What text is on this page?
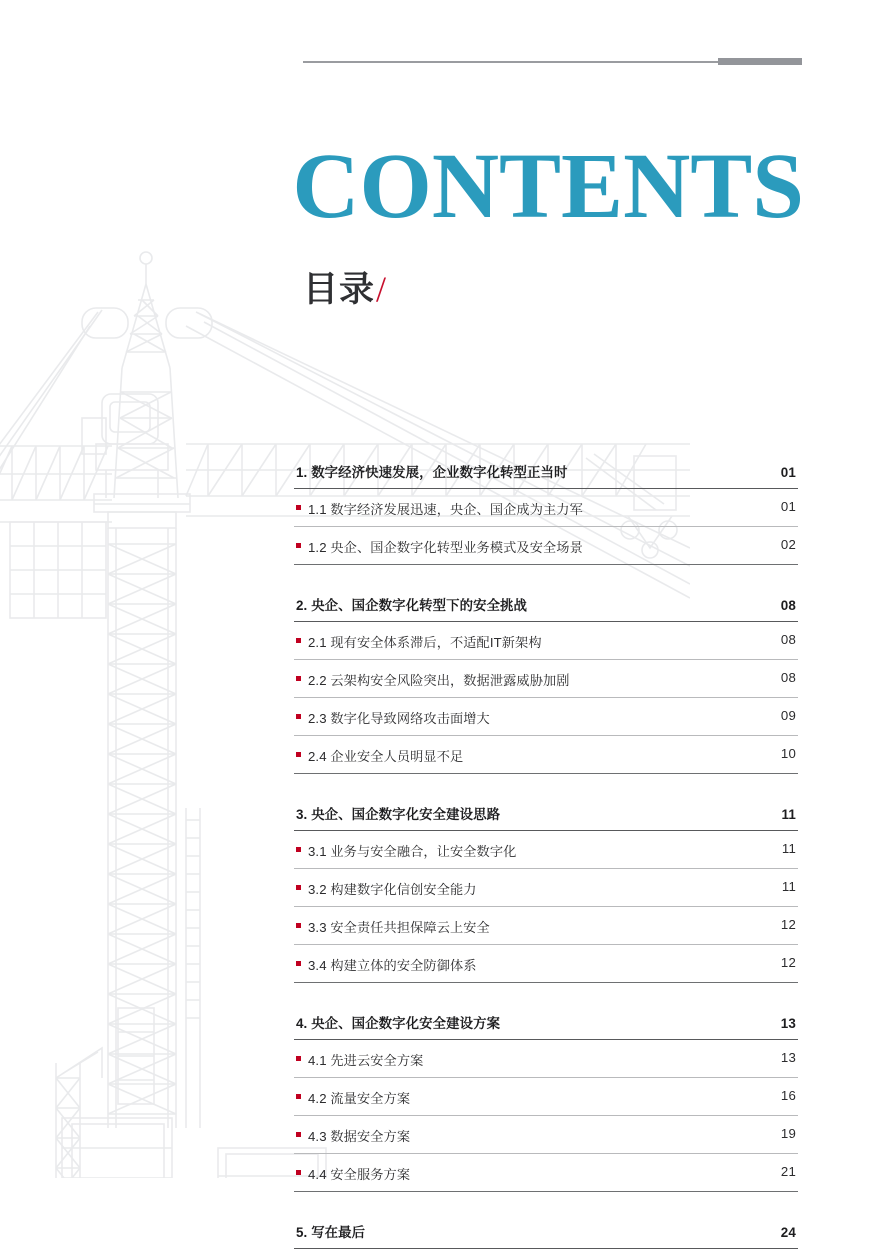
CONTENTS
目录/
1. 数字经济快速发展，企业数字化转型正当时	01
1.1 数字经济发展迅速，央企、国企成为主力军	01
1.2 央企、国企数字化转型业务模式及安全场景	02
2. 央企、国企数字化转型下的安全挑战	08
2.1 现有安全体系滞后，不适配IT新架构	08
2.2 云架构安全风险突出，数据泄露威胁加剧	08
2.3 数字化导致网络攻击面增大	09
2.4 企业安全人员明显不足	10
3. 央企、国企数字化安全建设思路	11
3.1 业务与安全融合，让安全数字化	11
3.2 构建数字化信创安全能力	11
3.3 安全责任共担保障云上安全	12
3.4 构建立体的安全防御体系	12
4. 央企、国企数字化安全建设方案	13
4.1 先进云安全方案	13
4.2 流量安全方案	16
4.3 数据安全方案	19
4.4 安全服务方案	21
5. 写在最后	24
